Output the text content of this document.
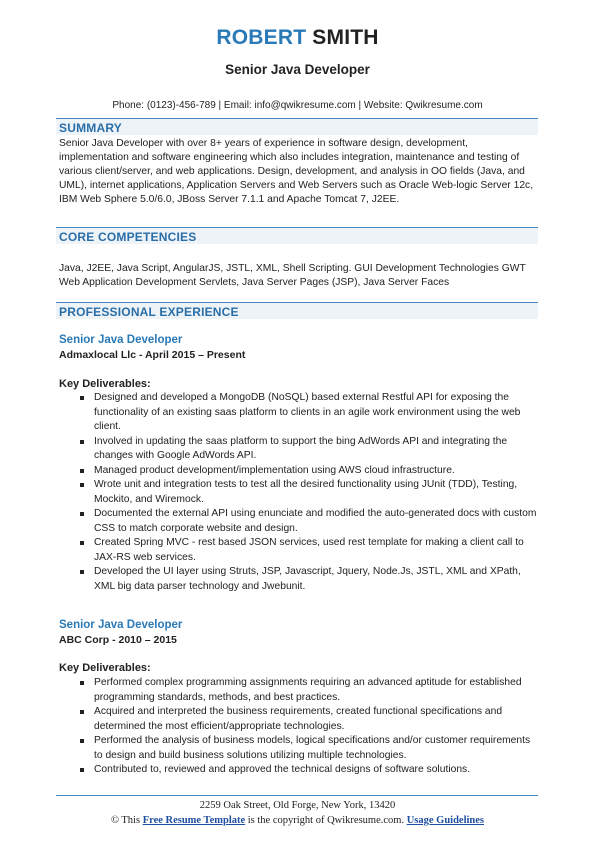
ROBERT SMITH
Senior Java Developer
Phone: (0123)-456-789 | Email: info@qwikresume.com | Website: Qwikresume.com
SUMMARY

Senior Java Developer with over 8+ years of experience in software design, development, implementation and software engineering which also includes integration, maintenance and testing of various client/server, and web applications. Design, development, and analysis in OO fields (Java, and UML), internet applications, Application Servers and Web Servers such as Oracle Web-logic Server 12c, IBM Web Sphere 5.0/6.0, JBoss Server 7.1.1 and Apache Tomcat 7, J2EE.

CORE COMPETENCIES

Java, J2EE, Java Script, AngularJS, JSTL, XML, Shell Scripting. GUI Development Technologies GWT Web Application Development Servlets, Java Server Pages (JSP), Java Server Faces

PROFESSIONAL EXPERIENCE
Senior Java Developer
Admaxlocal Llc - April 2015 – Present
Key Deliverables:
Designed and developed a MongoDB (NoSQL) based external Restful API for exposing the functionality of an existing saas platform to clients in an agile work environment using the web client.
Involved in updating the saas platform to support the bing AdWords API and integrating the changes with Google AdWords API.
Managed product development/implementation using AWS cloud infrastructure.
Wrote unit and integration tests to test all the desired functionality using JUnit (TDD), Testing, Mockito, and Wiremock.
Documented the external API using enunciate and modified the auto-generated docs with custom CSS to match corporate website and design.
Created Spring MVC - rest based JSON services, used rest template for making a client call to JAX-RS web services.
Developed the UI layer using Struts, JSP, Javascript, Jquery, Node.Js, JSTL, XML and XPath, XML big data parser technology and Jwebunit.
Senior Java Developer
ABC Corp - 2010 – 2015
Key Deliverables:
Performed complex programming assignments requiring an advanced aptitude for established programming standards, methods, and best practices.
Acquired and interpreted the business requirements, created functional specifications and determined the most efficient/appropriate technologies.
Performed the analysis of business models, logical specifications and/or customer requirements to design and build business solutions utilizing multiple technologies.
Contributed to, reviewed and approved the technical designs of software solutions.
2259 Oak Street, Old Forge, New York, 13420
© This Free Resume Template is the copyright of Qwikresume.com. Usage Guidelines
